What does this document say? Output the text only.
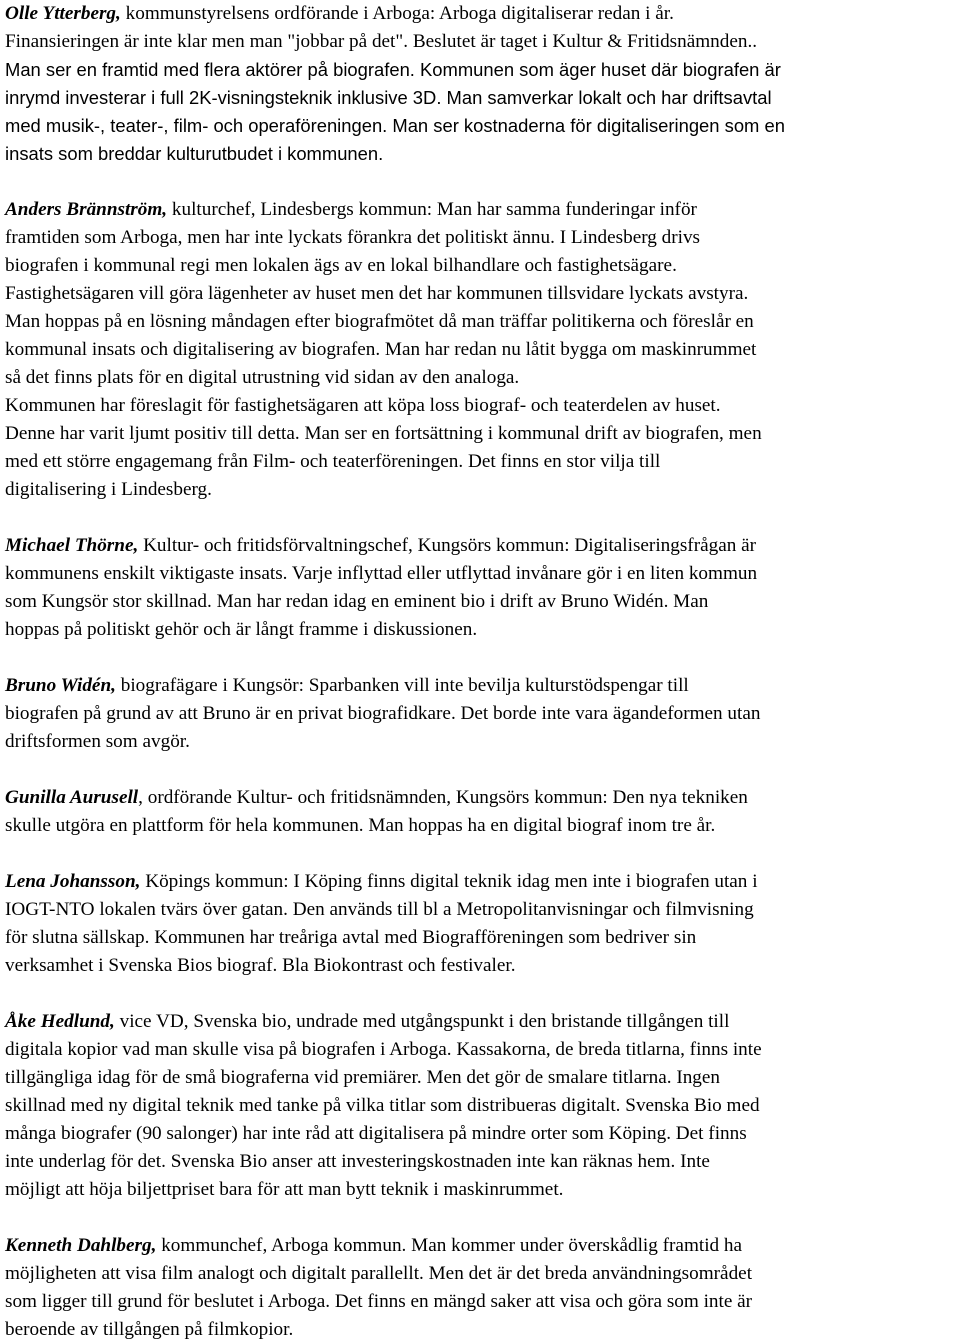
Olle Ytterberg, kommunstyrelsens ordförande i Arboga: Arboga digitaliserar redan i år.
Finansieringen är inte klar men man "jobbar på det". Beslutet är taget i Kultur & Fritidsnämnden..
Man ser en framtid med flera aktörer på biografen. Kommunen som äger huset där biografen är
inrymd investerar i full 2K-visningsteknik inklusive 3D. Man samverkar lokalt och har driftsavtal
med musik-, teater-, film- och operaföreningen. Man ser kostnaderna för digitaliseringen som en
insats som breddar kulturutbudet i kommunen.

Anders Brännström, kulturchef, Lindesbergs kommun: Man har samma funderingar inför
framtiden som Arboga, men har inte lyckats förankra det politiskt ännu. I Lindesberg drivs
biografen i kommunal regi men lokalen ägs av en lokal bilhandlare och fastighetsägare.
Fastighetsägaren vill göra lägenheter av huset men det har kommunen tillsvidare lyckats avstyra.
Man hoppas på en lösning måndagen efter biografmötet då man träffar politikerna och föreslår en
kommunal insats och digitalisering av biografen. Man har redan nu låtit bygga om maskinrummet
så det finns plats för en digital utrustning vid sidan av den analoga.
Kommunen har föreslagit för fastighetsägaren att köpa loss biograf- och teaterdelen av huset.
Denne har varit ljumt positiv till detta. Man ser en fortsättning i kommunal drift av biografen, men
med ett större engagemang från Film- och teaterföreningen. Det finns en stor vilja till
digitalisering i Lindesberg.

Michael Thörne, Kultur- och fritidsförvaltningschef, Kungsörs kommun: Digitaliseringsfrågan är
kommunens enskilt viktigaste insats. Varje inflyttad eller utflyttad invånare gör i en liten kommun
som Kungsör stor skillnad. Man har redan idag en eminent bio i drift av Bruno Widén. Man
hoppas på politiskt gehör och är långt framme i diskussionen.

Bruno Widén, biografägare i Kungsör: Sparbanken vill inte bevilja kulturstödspengar till
biografen på grund av att Bruno är en privat biografidkare. Det borde inte vara ägandeformen utan
driftsformen som avgör.

Gunilla Aurusell, ordförande Kultur- och fritidsnämnden, Kungsörs kommun: Den nya tekniken
skulle utgöra en plattform för hela kommunen. Man hoppas ha en digital biograf inom tre år.

Lena Johansson, Köpings kommun: I Köping finns digital teknik idag men inte i biografen utan i
IOGT-NTO lokalen tvärs över gatan. Den används till bl a Metropolitanvisningar och filmvisning
för slutna sällskap. Kommunen har treåriga avtal med Biografföreningen som bedriver sin
verksamhet i Svenska Bios biograf. Bla Biokontrast och festivaler.

Åke Hedlund, vice VD, Svenska bio, undrade med utgångspunkt i den bristande tillgången till
digitala kopior vad man skulle visa på biografen i Arboga. Kassakorna, de breda titlarna, finns inte
tillgängliga idag för de små biograferna vid premiärer. Men det gör de smalare titlarna. Ingen
skillnad med ny digital teknik med tanke på vilka titlar som distribueras digitalt. Svenska Bio med
många biografer (90 salonger) har inte råd att digitalisera på mindre orter som Köping. Det finns
inte underlag för det. Svenska Bio anser att investeringskostnaden inte kan räknas hem. Inte
möjligt att höja biljettpriset bara för att man bytt teknik i maskinrummet.

Kenneth Dahlberg, kommunchef, Arboga kommun. Man kommer under överskådlig framtid ha
möjligheten att visa film analogt och digitalt parallellt. Men det är det breda användningsområdet
som ligger till grund för beslutet i Arboga. Det finns en mängd saker att visa och göra som inte är
beroende av tillgången på filmkopior.
